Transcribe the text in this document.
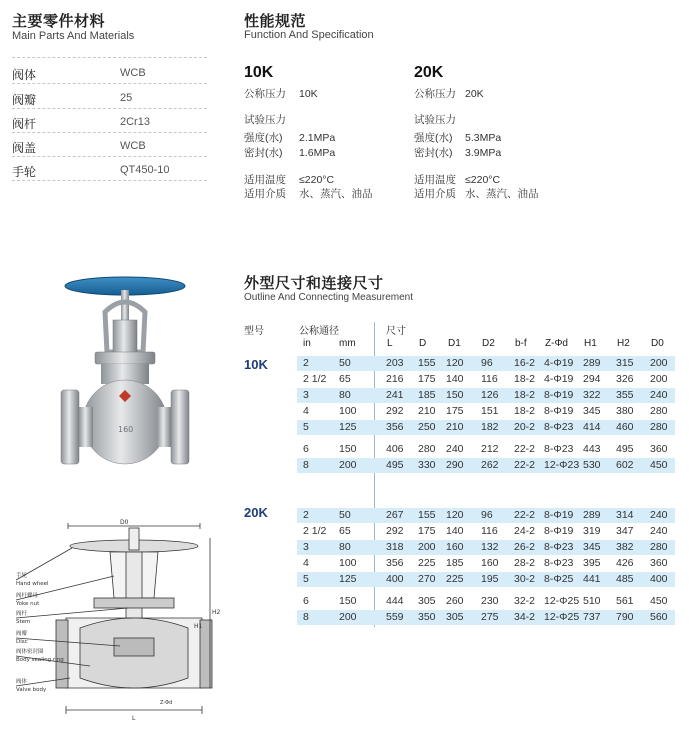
主要零件材料
Main Parts And Materials
阀体	WCB
阀瓣	25
阀杆	2Cr13
阀盖	WCB
手轮	QT450-10
性能规范
Function And Specification
10K
公称压力 10K
试验压力
强度(水) 2.1MPa
密封(水) 1.6MPa
适用温度 ≤220°C
适用介质 水、蒸汽、油品
20K
公称压力 20K
试验压力
强度(水) 5.3MPa
密封(水) 3.9MPa
适用温度 ≤220°C
适用介质 水、蒸汽、油品
160
D0
L
H1
H2
Z-Φd
手轮
Hand wheel
阀杆螺母
Yoke nut
阀杆
Stem
阀瓣
Disc
阀体密封圈
Body sealing ring
阀体
Valve body
外型尺寸和连接尺寸
Outline And Connecting Measurement
型号	公称通径	尺寸
in	mm	L	D D1 D2 b-f Z-Φd H1 H2 D0
10K
20K
2	50	203 155 120 96 16-2 4-Φ19 289 315 200
2 1/2 65	216 175 140 116 18-2 4-Φ19 294 326 200
3	80	241 185 150 126 18-2 8-Φ19 322 355 240
4	100	292 210 175 151 18-2 8-Φ19 345 380 280
5	125	356 250 210 182 20-2 8-Φ23 414 460 280
6	150	406 280 240 212 22-2 8-Φ23 443 495 360
8	200	495 330 290 262 22-2 12-Φ23 530 602 450
2	50	267 155 120 96 22-2 8-Φ19 289 314 240
2 1/2 65	292 175 140 116 24-2 8-Φ19 319 347 240
3	80	318 200 160 132 26-2 8-Φ23 345 382 280
4	100	356 225 185 160 28-2 8-Φ23 395 426 360
5	125	400 270 225 195 30-2 8-Φ25 441 485 400
6	150	444 305 260 230 32-2 12-Φ25 510 561 450
8	200	559 350 305 275 34-2 12-Φ25 737 790 560
